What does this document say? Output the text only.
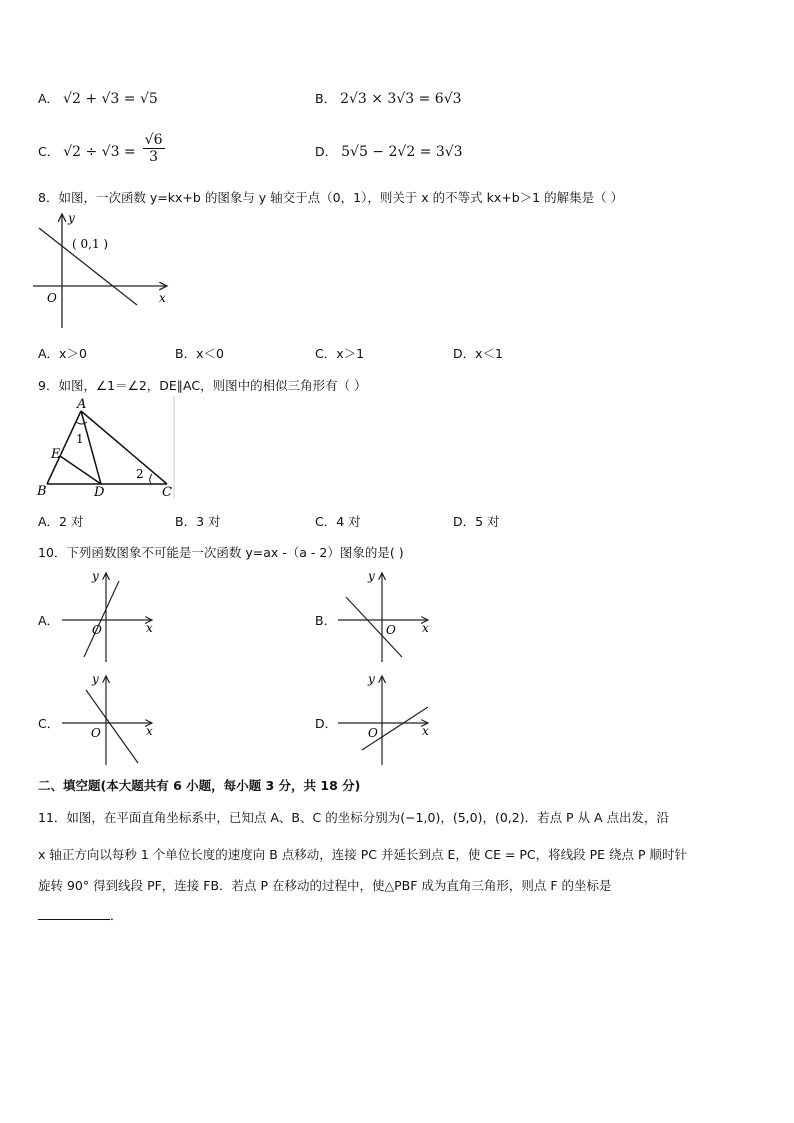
A． √2 + √3 = √5	B． 2√3 × 3√3 = 6√3
C． $√2 \div √3 = \frac{√6}{3}$	D． 5√5 − 2√2 = 3√3
8．如图，一次函数 y=kx+b 的图象与 y 轴交于点（0，1），则关于 x 的不等式 kx+b＞1 的解集是（ ）
y
( 0,1 )
O	x
A．x＞0	B．x＜0	C．x＞1	D．x＜1
9．如图，∠1＝∠2，DE∥AC，则图中的相似三角形有（ ）
A
E
B	D	C
1
2
A．2 对	B．3 对	C．4 对	D．5 对
10．下列函数图象不可能是一次函数 y=ax -（a - 2）图象的是( )
A．
y
O	x	B．
y
O x
C．
y
O	x	D．
y
O	x
二、填空题(本大题共有 6 小题，每小题 3 分，共 18 分)
11．如图，在平面直角坐标系中，已知点 A、B、C 的坐标分别为(−1,0)，(5,0)，(0,2)．若点 P 从 A 点出发，沿
x 轴正方向以每秒 1 个单位长度的速度向 B 点移动，连接 PC 并延长到点 E，使 CE = PC，将线段 PE 绕点 P 顺时针
旋转 90° 得到线段 PF，连接 FB．若点 P 在移动的过程中，使△PBF 成为直角三角形，则点 F 的坐标是
．
